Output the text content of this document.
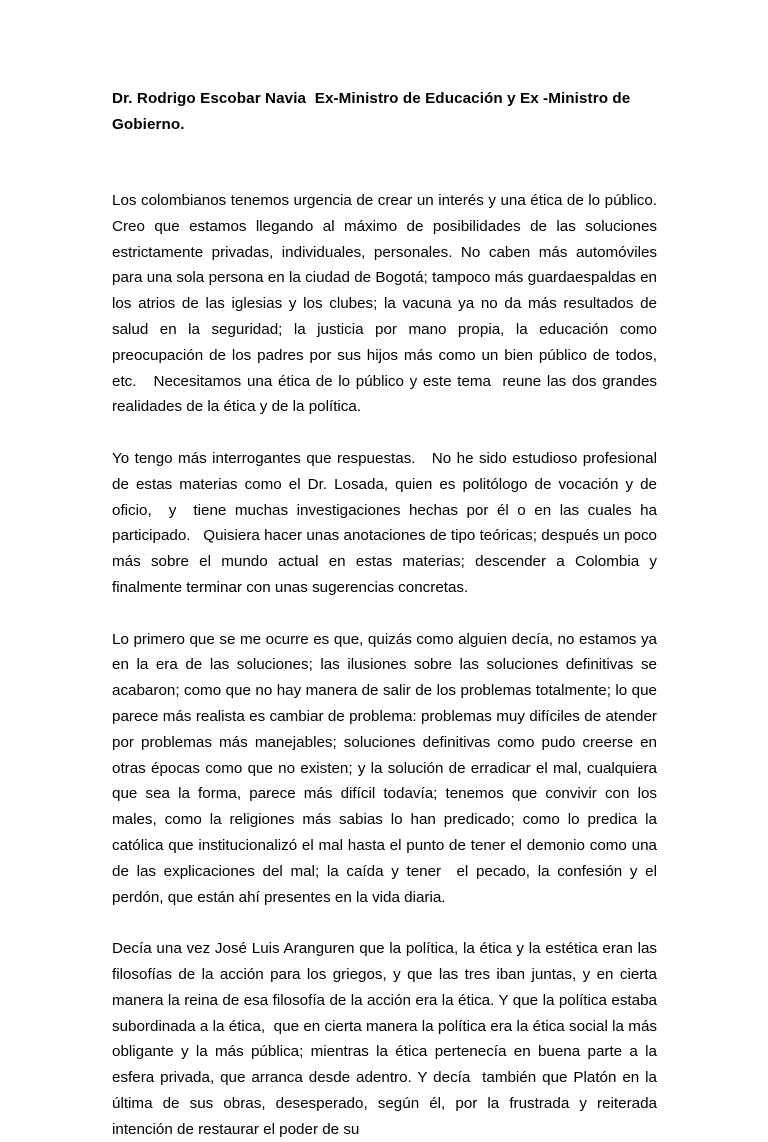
Dr. Rodrigo Escobar Navia  Ex-Ministro de Educación y Ex -Ministro de Gobierno.

Los colombianos tenemos urgencia de crear un interés y una ética de lo público. Creo que estamos llegando al máximo de posibilidades de las soluciones estrictamente privadas, individuales, personales. No caben más automóviles para una sola persona en la ciudad de Bogotá; tampoco más guardaespaldas en los atrios de las iglesias y los clubes; la vacuna ya no da más resultados de salud en la seguridad; la justicia por mano propia, la educación como preocupación de los padres por sus hijos más como un bien público de todos, etc.   Necesitamos una ética de lo público y este tema  reune las dos grandes realidades de la ética y de la política.

Yo tengo más interrogantes que respuestas.   No he sido estudioso profesional de estas materias como el Dr. Losada, quien es politólogo de vocación y de oficio,  y  tiene muchas investigaciones hechas por él o en las cuales ha participado.   Quisiera hacer unas anotaciones de tipo teóricas; después un poco más sobre el mundo actual en estas materias; descender a Colombia y finalmente terminar con unas sugerencias concretas.

Lo primero que se me ocurre es que, quizás como alguien decía, no estamos ya en la era de las soluciones; las ilusiones sobre las soluciones definitivas se acabaron; como que no hay manera de salir de los problemas totalmente; lo que parece más realista es cambiar de problema: problemas muy difíciles de atender por problemas más manejables; soluciones definitivas como pudo creerse en otras épocas como que no existen; y la solución de erradicar el mal, cualquiera que sea la forma, parece más difícil todavía; tenemos que convivir con los males, como la religiones más sabias lo han predicado; como lo predica la católica que institucionalizó el mal hasta el punto de tener el demonio como una de las explicaciones del mal; la caída y tener  el pecado, la confesión y el perdón, que están ahí presentes en la vida diaria.

Decía una vez José Luis Aranguren que la política, la ética y la estética eran las filosofías de la acción para los griegos, y que las tres iban juntas, y en cierta manera la reina de esa filosofía de la acción era la ética. Y que la política estaba subordinada a la ética,  que en cierta manera la política era la ética social la más obligante y la más pública; mientras la ética pertenecía en buena parte a la esfera privada, que arranca desde adentro. Y decía  también que Platón en la última de sus obras, desesperado, según él, por la frustrada y reiterada intención de restaurar el poder de su
